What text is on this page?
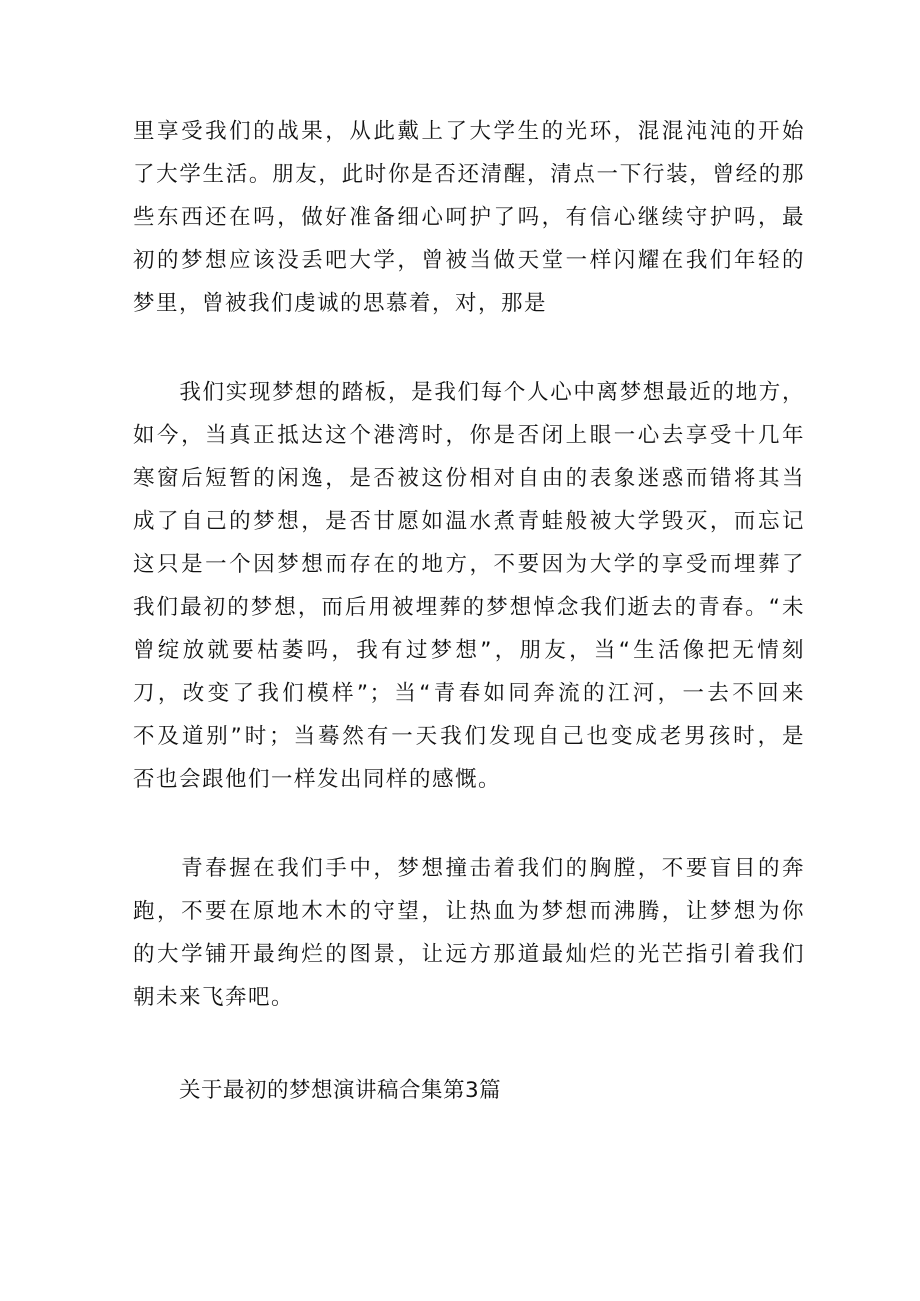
里享受我们的战果，从此戴上了大学生的光环，混混沌沌的开始
了大学生活。朋友，此时你是否还清醒，清点一下行装，曾经的那
些东西还在吗，做好准备细心呵护了吗，有信心继续守护吗，最
初的梦想应该没丢吧大学，曾被当做天堂一样闪耀在我们年轻的
梦里，曾被我们虔诚的思慕着，对，那是

　　我们实现梦想的踏板，是我们每个人心中离梦想最近的地方，
如今，当真正抵达这个港湾时，你是否闭上眼一心去享受十几年
寒窗后短暂的闲逸，是否被这份相对自由的表象迷惑而错将其当
成了自己的梦想，是否甘愿如温水煮青蛙般被大学毁灭，而忘记
这只是一个因梦想而存在的地方，不要因为大学的享受而埋葬了
我们最初的梦想，而后用被埋葬的梦想悼念我们逝去的青春。“未
曾绽放就要枯萎吗，我有过梦想”，朋友，当“生活像把无情刻
刀，改变了我们模样”；当“青春如同奔流的江河，一去不回来
不及道别”时；当蓦然有一天我们发现自己也变成老男孩时，是
否也会跟他们一样发出同样的感慨。

　　青春握在我们手中，梦想撞击着我们的胸膛，不要盲目的奔
跑，不要在原地木木的守望，让热血为梦想而沸腾，让梦想为你
的大学铺开最绚烂的图景，让远方那道最灿烂的光芒指引着我们
朝未来飞奔吧。

关于最初的梦想演讲稿合集第3篇
